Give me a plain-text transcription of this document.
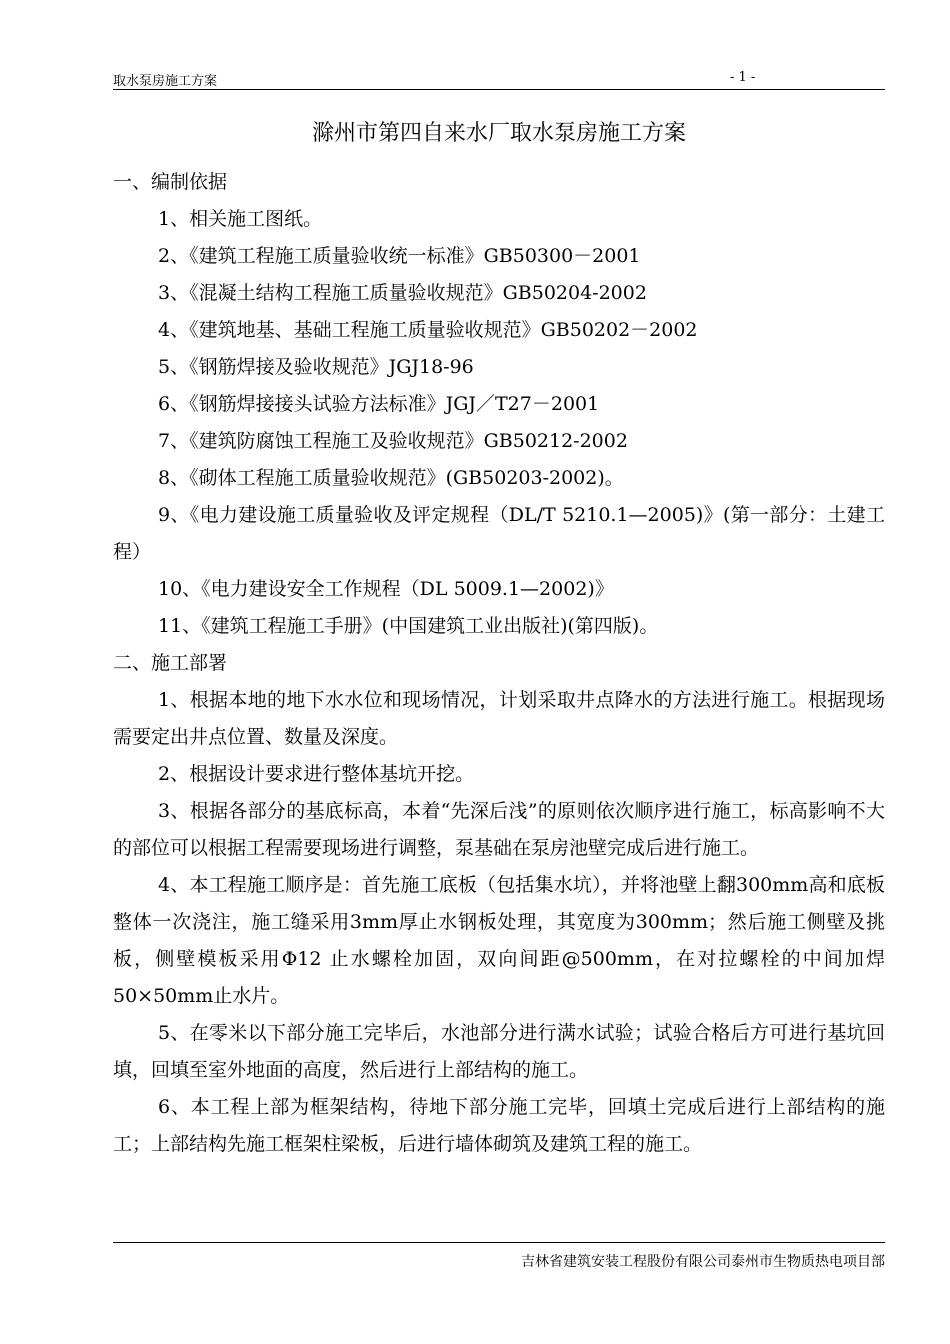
取水泵房施工方案	- 1 -
滁州市第四自来水厂取水泵房施工方案

一、编制依据

1、相关施工图纸。

2、《建筑工程施工质量验收统一标准》GB50300－2001

3、《混凝土结构工程施工质量验收规范》GB50204-2002

4、《建筑地基、基础工程施工质量验收规范》GB50202－2002

5、《钢筋焊接及验收规范》JGJ18-96

6、《钢筋焊接接头试验方法标准》JGJ／T27－2001

7、《建筑防腐蚀工程施工及验收规范》GB50212-2002

8、《砌体工程施工质量验收规范》(GB50203-2002)。

9、《电力建设施工质量验收及评定规程（DL/T 5210.1—2005)》(第一部分：土建工程）

10、《电力建设安全工作规程（DL 5009.1—2002)》

11、《建筑工程施工手册》(中国建筑工业出版社)(第四版)。

二、施工部署

1、根据本地的地下水水位和现场情况，计划采取井点降水的方法进行施工。根据现场需要定出井点位置、数量及深度。

2、根据设计要求进行整体基坑开挖。

3、根据各部分的基底标高，本着“先深后浅”的原则依次顺序进行施工，标高影响不大的部位可以根据工程需要现场进行调整，泵基础在泵房池壁完成后进行施工。

4、本工程施工顺序是：首先施工底板（包括集水坑），并将池壁上翻300mm高和底板整体一次浇注，施工缝采用3mm厚止水钢板处理，其宽度为300mm；然后施工侧壁及挑板，侧壁模板采用Φ12 止水螺栓加固，双向间距@500mm，在对拉螺栓的中间加焊50×50mm止水片。

5、在零米以下部分施工完毕后，水池部分进行满水试验；试验合格后方可进行基坑回填，回填至室外地面的高度，然后进行上部结构的施工。

6、本工程上部为框架结构，待地下部分施工完毕，回填土完成后进行上部结构的施工；上部结构先施工框架柱梁板，后进行墙体砌筑及建筑工程的施工。

吉林省建筑安装工程股份有限公司泰州市生物质热电项目部
